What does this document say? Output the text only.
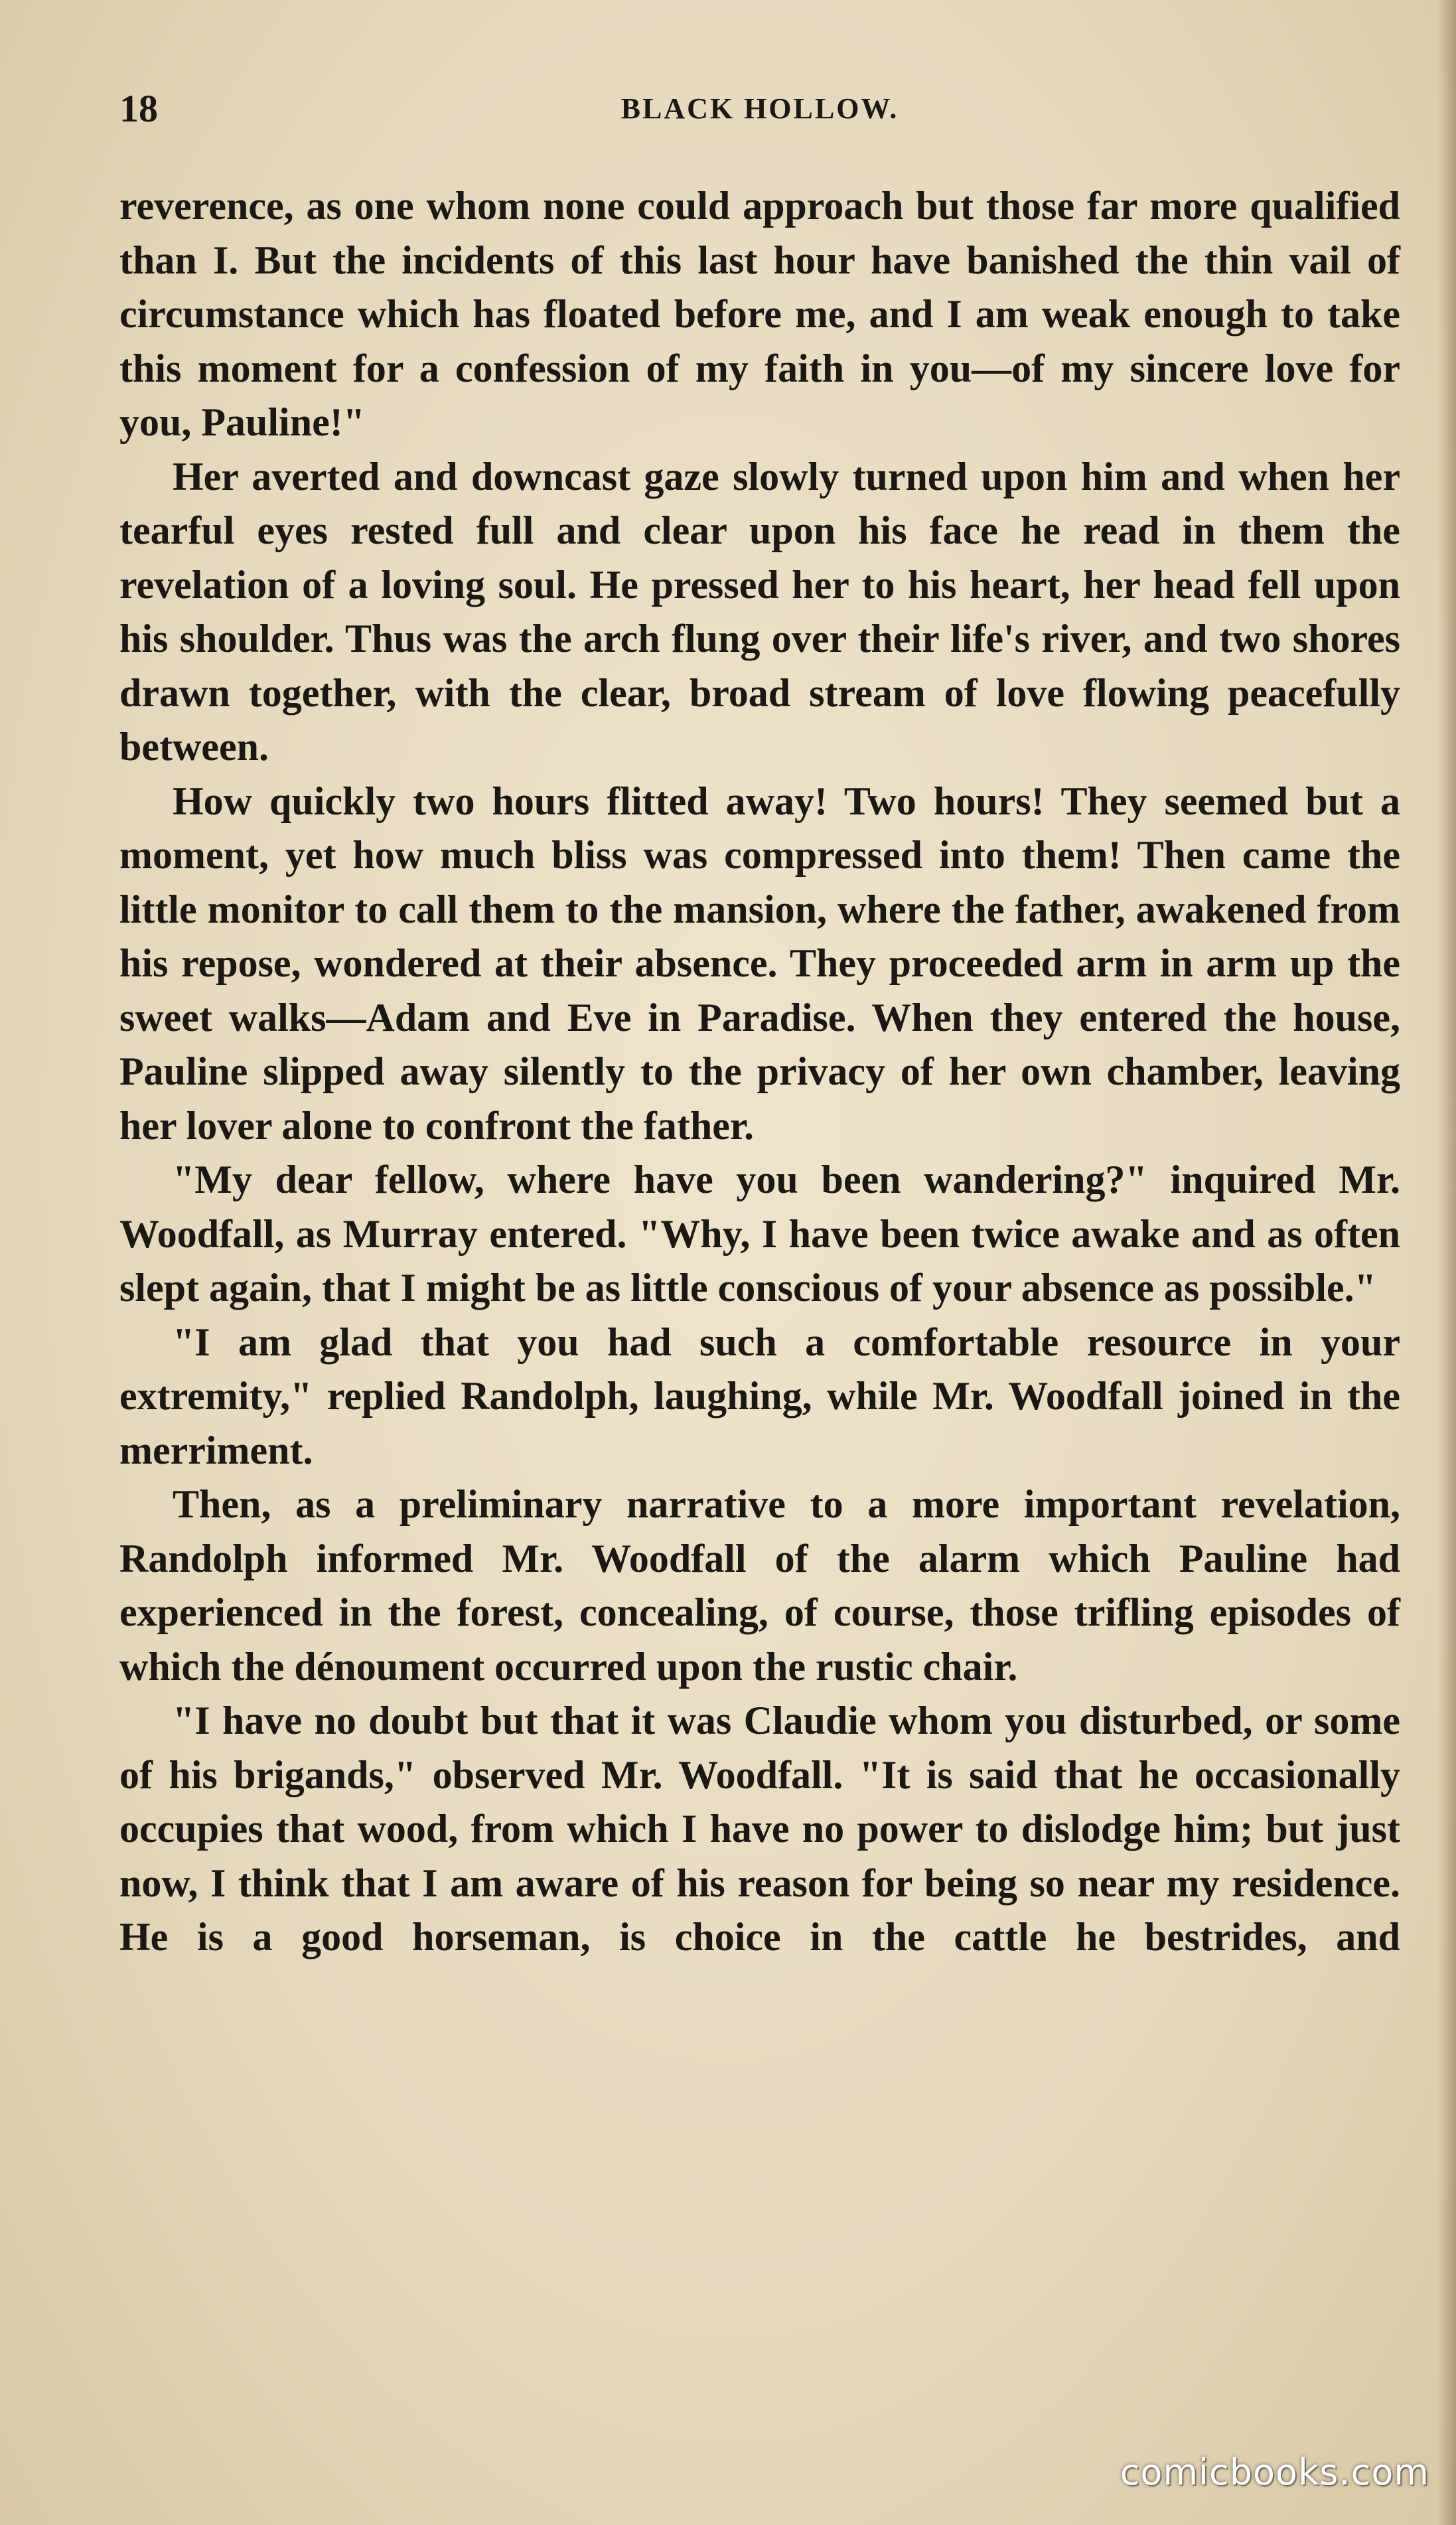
18	BLACK HOLLOW.

reverence, as one whom none could approach but those far more qualified than I. But the incidents of this last hour have banished the thin vail of circumstance which has floated before me, and I am weak enough to take this moment for a confession of my faith in you—of my sincere love for you, Pauline!"

Her averted and downcast gaze slowly turned upon him and when her tearful eyes rested full and clear upon his face he read in them the revelation of a loving soul. He pressed her to his heart, her head fell upon his shoulder. Thus was the arch flung over their life's river, and two shores drawn together, with the clear, broad stream of love flowing peacefully between.

How quickly two hours flitted away! Two hours! They seemed but a moment, yet how much bliss was compressed into them! Then came the little monitor to call them to the mansion, where the father, awakened from his repose, wondered at their absence. They proceeded arm in arm up the sweet walks—Adam and Eve in Paradise. When they entered the house, Pauline slipped away silently to the privacy of her own chamber, leaving her lover alone to confront the father.

"My dear fellow, where have you been wandering?" inquired Mr. Woodfall, as Murray entered. "Why, I have been twice awake and as often slept again, that I might be as little conscious of your absence as possible."

"I am glad that you had such a comfortable resource in your extremity," replied Randolph, laughing, while Mr. Woodfall joined in the merriment.

Then, as a preliminary narrative to a more important revelation, Randolph informed Mr. Woodfall of the alarm which Pauline had experienced in the forest, concealing, of course, those trifling episodes of which the dénoument occurred upon the rustic chair.

"I have no doubt but that it was Claudie whom you disturbed, or some of his brigands," observed Mr. Woodfall. "It is said that he occasionally occupies that wood, from which I have no power to dislodge him; but just now, I think that I am aware of his reason for being so near my residence. He is a good horseman, is choice in the cattle he bestrides, and

comicbooks.com
